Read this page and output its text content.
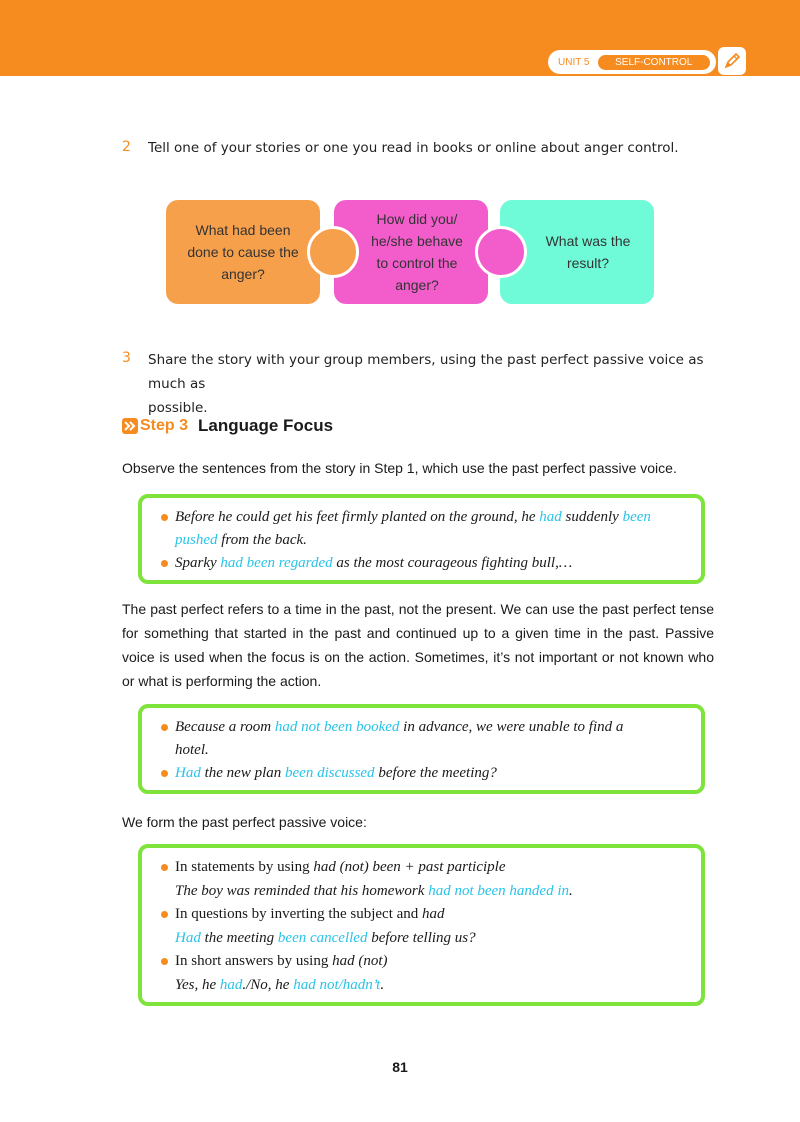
UNIT 5	SELF-CONTROL
2 Tell one of your stories or one you read in books or online about anger control.
What had been
done to cause the
anger?
How did you/
he/she behave
to control the
anger?
What was the
result?
3 Share the story with your group members, using the past perfect passive voice as much as
possible.
Step 3 Language Focus
Observe the sentences from the story in Step 1, which use the past perfect passive voice.
Before he could get his feet firmly planted on the ground, he had suddenly been
pushed from the back.
Sparky had been regarded as the most courageous fighting bull,…
The past perfect refers to a time in the past, not the present. We can use the past perfect tense for something that started in the past and continued up to a given time in the past. Passive voice is used when the focus is on the action. Sometimes, it’s not important or not known who or what is performing the action.
Because a room had not been booked in advance, we were unable to find a
hotel.
Had the new plan been discussed before the meeting?
We form the past perfect passive voice:
In statements by using had (not) been + past participle
The boy was reminded that his homework had not been handed in.
In questions by inverting the subject and had
Had the meeting been cancelled before telling us?
In short answers by using had (not)
Yes, he had./No, he had not/hadn’t.
81
